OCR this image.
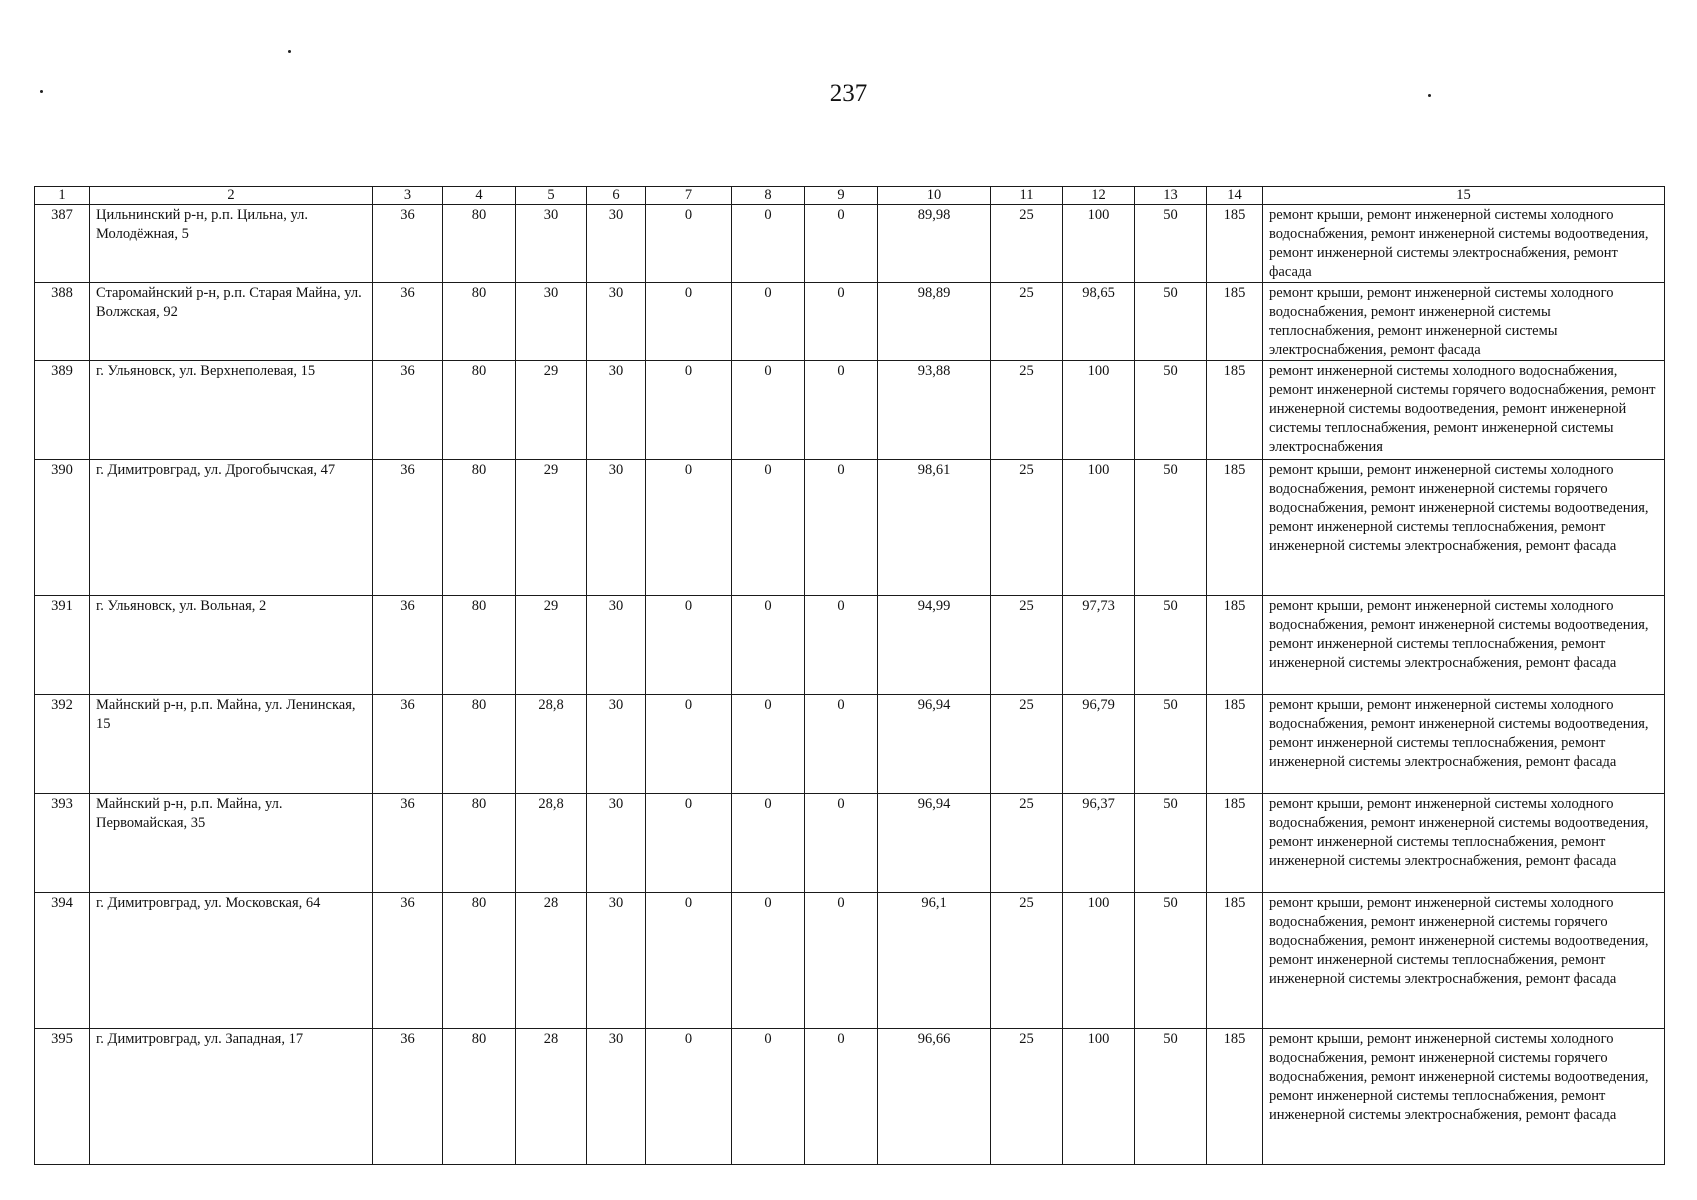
237
1	2	3	4	5	6	7	8	9	10	11	12	13	14	15
387	Цильнинский р-н, р.п. Цильна, ул. Молодёжная, 5	36	80	30	30	0	0	0	89,98	25	100	50	185	ремонт крыши, ремонт инженерной системы холодного водоснабжения, ремонт инженерной системы водоотведения, ремонт инженерной системы электроснабжения, ремонт фасада
388	Старомайнский р-н, р.п. Старая Майна, ул. Волжская, 92	36	80	30	30	0	0	0	98,89	25	98,65	50	185	ремонт крыши, ремонт инженерной системы холодного водоснабжения, ремонт инженерной системы теплоснабжения, ремонт инженерной системы электроснабжения, ремонт фасада
389	г. Ульяновск, ул. Верхнеполевая, 15	36	80	29	30	0	0	0	93,88	25	100	50	185	ремонт инженерной системы холодного водоснабжения, ремонт инженерной системы горячего водоснабжения, ремонт инженерной системы водоотведения, ремонт инженерной системы теплоснабжения, ремонт инженерной системы электроснабжения
390	г. Димитровград, ул. Дрогобычская, 47	36	80	29	30	0	0	0	98,61	25	100	50	185	ремонт крыши, ремонт инженерной системы холодного водоснабжения, ремонт инженерной системы горячего водоснабжения, ремонт инженерной системы водоотведения, ремонт инженерной системы теплоснабжения, ремонт инженерной системы электроснабжения, ремонт фасада
391	г. Ульяновск, ул. Вольная, 2	36	80	29	30	0	0	0	94,99	25	97,73	50	185	ремонт крыши, ремонт инженерной системы холодного водоснабжения, ремонт инженерной системы водоотведения, ремонт инженерной системы теплоснабжения, ремонт инженерной системы электроснабжения, ремонт фасада
392	Майнский р-н, р.п. Майна, ул. Ленинская, 15	36	80	28,8	30	0	0	0	96,94	25	96,79	50	185	ремонт крыши, ремонт инженерной системы холодного водоснабжения, ремонт инженерной системы водоотведения, ремонт инженерной системы теплоснабжения, ремонт инженерной системы электроснабжения, ремонт фасада
393	Майнский р-н, р.п. Майна, ул. Первомайская, 35	36	80	28,8	30	0	0	0	96,94	25	96,37	50	185	ремонт крыши, ремонт инженерной системы холодного водоснабжения, ремонт инженерной системы водоотведения, ремонт инженерной системы теплоснабжения, ремонт инженерной системы электроснабжения, ремонт фасада
394	г. Димитровград, ул. Московская, 64	36	80	28	30	0	0	0	96,1	25	100	50	185	ремонт крыши, ремонт инженерной системы холодного водоснабжения, ремонт инженерной системы горячего водоснабжения, ремонт инженерной системы водоотведения, ремонт инженерной системы теплоснабжения, ремонт инженерной системы электроснабжения, ремонт фасада
395	г. Димитровград, ул. Западная, 17	36	80	28	30	0	0	0	96,66	25	100	50	185	ремонт крыши, ремонт инженерной системы холодного водоснабжения, ремонт инженерной системы горячего водоснабжения, ремонт инженерной системы водоотведения, ремонт инженерной системы теплоснабжения, ремонт инженерной системы электроснабжения, ремонт фасада
